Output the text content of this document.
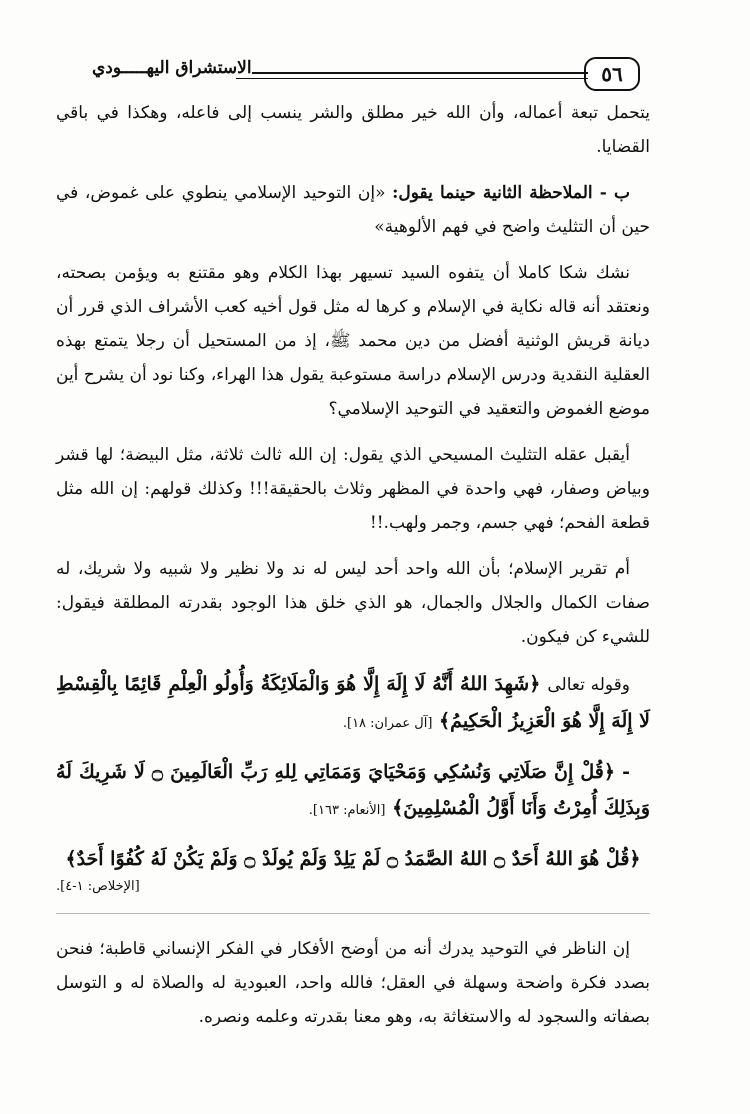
٥٦
الاستشراق اليهـــــودي

يتحمل تبعة أعماله، وأن الله خير مطلق والشر ينسب إلى فاعله، وهكذا في باقي القضايا.

ب - الملاحظة الثانية حينما يقول: «إن التوحيد الإسلامي ينطوي على غموض، في حين أن التثليث واضح في فهم الألوهية»

نشك شكا كاملا أن يتفوه السيد تسيهر بهذا الكلام وهو مقتنع به ويؤمن بصحته، ونعتقد أنه قاله نكاية في الإسلام و كرها له مثل قول أخيه كعب الأشراف الذي قرر أن ديانة قريش الوثنية أفضل من دين محمد ﷺ، إذ من المستحيل أن رجلا يتمتع بهذه العقلية النقدية ودرس الإسلام دراسة مستوعبة يقول هذا الهراء، وكنا نود أن يشرح أين موضع الغموض والتعقيد في التوحيد الإسلامي؟

أيقبل عقله التثليث المسيحي الذي يقول: إن الله ثالث ثلاثة، مثل البيضة؛ لها قشر وبياض وصفار، فهي واحدة في المظهر وثلاث بالحقيقة!!! وكذلك قولهم: إن الله مثل قطعة الفحم؛ فهي جسم، وجمر ولهب.!!

أم تقرير الإسلام؛ بأن الله واحد أحد ليس له ند ولا نظير ولا شبيه ولا شريك، له صفات الكمال والجلال والجمال، هو الذي خلق هذا الوجود بقدرته المطلقة فيقول: للشيء كن فيكون.

وقوله تعالى ﴿شَهِدَ اللهُ أَنَّهُ لَا إِلَهَ إِلَّا هُوَ وَالْمَلَائِكَةُ وَأُولُو الْعِلْمِ قَائِمًا بِالْقِسْطِ لَا إِلَهَ إِلَّا هُوَ الْعَزِيزُ الْحَكِيمُ﴾ [آل عمران: ١٨].

- ﴿قُلْ إِنَّ صَلَاتِي وَنُسُكِي وَمَحْيَايَ وَمَمَاتِي لِلهِ رَبِّ الْعَالَمِينَ ۝ لَا شَرِيكَ لَهُ وَبِذَلِكَ أُمِرْتُ وَأَنَا أَوَّلُ الْمُسْلِمِينَ﴾ [الأنعام: ١٦٣].

﴿قُلْ هُوَ اللهُ أَحَدٌ ۝ اللهُ الصَّمَدُ ۝ لَمْ يَلِدْ وَلَمْ يُولَدْ ۝ وَلَمْ يَكُنْ لَهُ كُفُوًا أَحَدٌ﴾

[الإخلاص: ١-٤].

إن الناظر في التوحيد يدرك أنه من أوضح الأفكار في الفكر الإنساني قاطبة؛ فنحن بصدد فكرة واضحة وسهلة في العقل؛ فالله واحد، العبودية له والصلاة له و التوسل بصفاته والسجود له والاستغاثة به، وهو معنا بقدرته وعلمه ونصره.
